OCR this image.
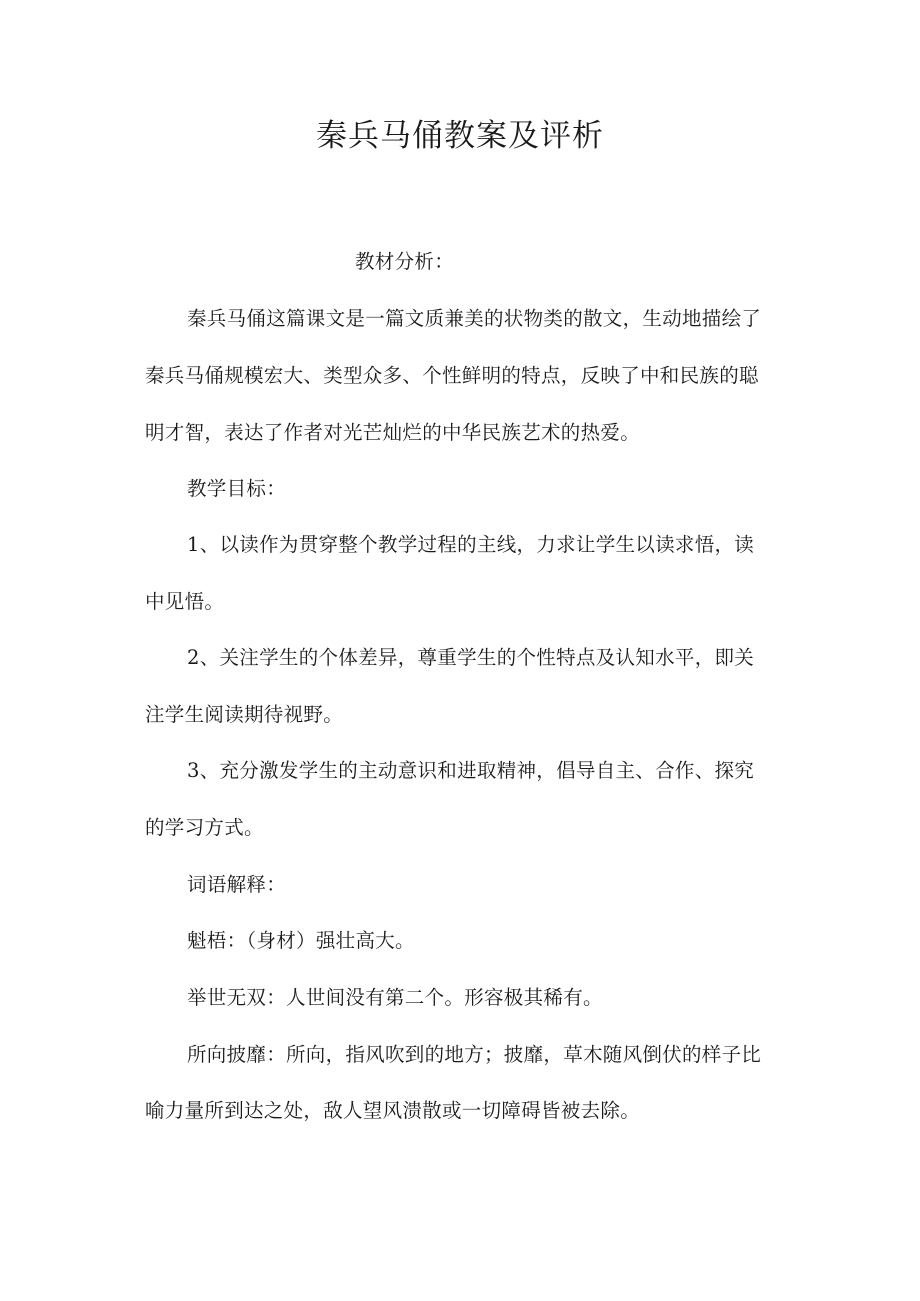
秦兵马俑教案及评析
教材分析：
秦兵马俑这篇课文是一篇文质兼美的状物类的散文，生动地描绘了
秦兵马俑规模宏大、类型众多、个性鲜明的特点，反映了中和民族的聪
明才智，表达了作者对光芒灿烂的中华民族艺术的热爱。
教学目标：
1、以读作为贯穿整个教学过程的主线，力求让学生以读求悟，读
中见悟。
2、关注学生的个体差异，尊重学生的个性特点及认知水平，即关
注学生阅读期待视野。
3、充分激发学生的主动意识和进取精神，倡导自主、合作、探究
的学习方式。
词语解释：
魁梧：（身材）强壮高大。
举世无双：人世间没有第二个。形容极其稀有。
所向披靡：所向，指风吹到的地方；披靡，草木随风倒伏的样子比
喻力量所到达之处，敌人望风溃散或一切障碍皆被去除。
